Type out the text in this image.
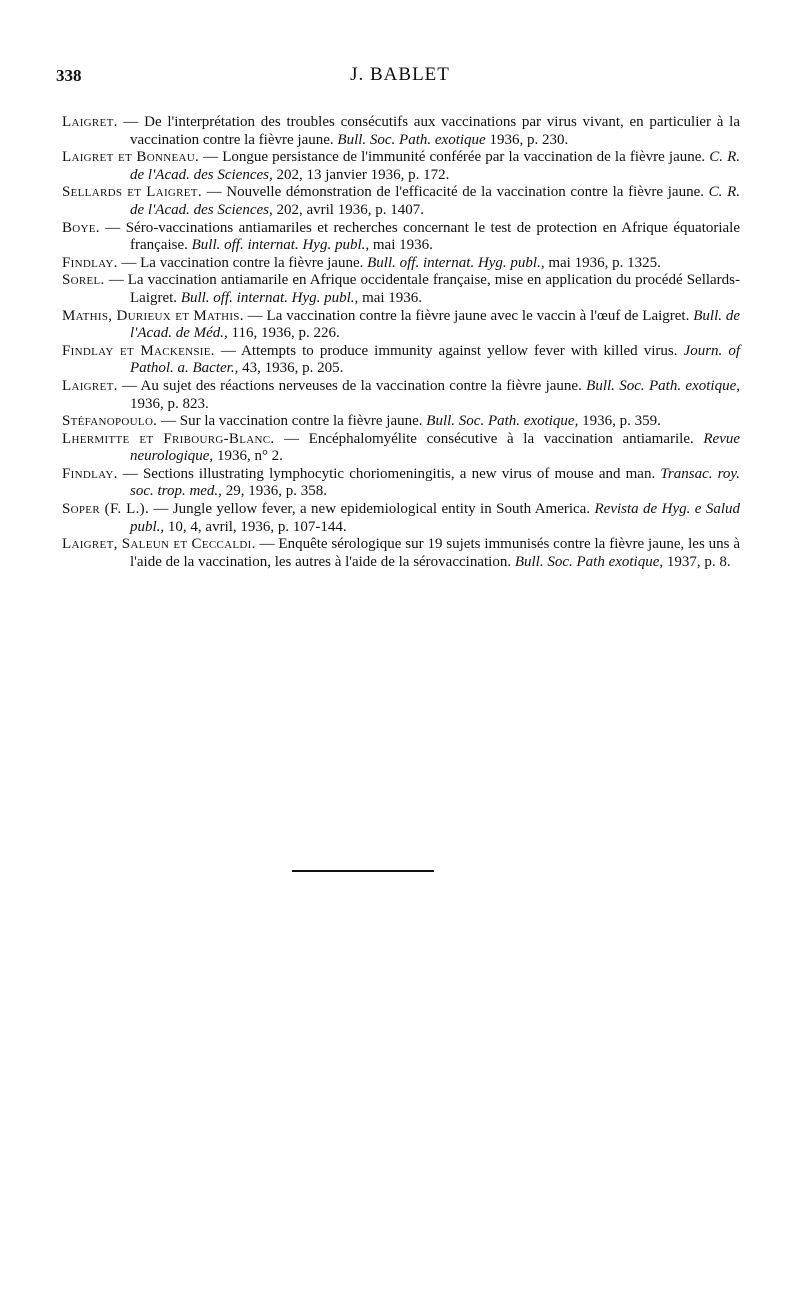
338	J. BABLET

Laigret. — De l'interprétation des troubles consécutifs aux vaccinations par virus vivant, en particulier à la vaccination contre la fièvre jaune. Bull. Soc. Path. exotique 1936, p. 230.

Laigret et Bonneau. — Longue persistance de l'immunité conférée par la vaccination de la fièvre jaune. C. R. de l'Acad. des Sciences, 202, 13 janvier 1936, p. 172.

Sellards et Laigret. — Nouvelle démonstration de l'efficacité de la vaccination contre la fièvre jaune. C. R. de l'Acad. des Sciences, 202, avril 1936, p. 1407.

Boye. — Séro-vaccinations antiamariles et recherches concernant le test de protection en Afrique équatoriale française. Bull. off. internat. Hyg. publ., mai 1936.

Findlay. — La vaccination contre la fièvre jaune. Bull. off. internat. Hyg. publ., mai 1936, p. 1325.

Sorel. — La vaccination antiamarile en Afrique occidentale française, mise en application du procédé Sellards-Laigret. Bull. off. internat. Hyg. publ., mai 1936.

Mathis, Durieux et Mathis. — La vaccination contre la fièvre jaune avec le vaccin à l'œuf de Laigret. Bull. de l'Acad. de Méd., 116, 1936, p. 226.

Findlay et Mackensie. — Attempts to produce immunity against yellow fever with killed virus. Journ. of Pathol. a. Bacter., 43, 1936, p. 205.

Laigret. — Au sujet des réactions nerveuses de la vaccination contre la fièvre jaune. Bull. Soc. Path. exotique, 1936, p. 823.

Stéfanopoulo. — Sur la vaccination contre la fièvre jaune. Bull. Soc. Path. exotique, 1936, p. 359.

Lhermitte et Fribourg-Blanc. — Encéphalomyélite consécutive à la vaccination antiamarile. Revue neurologique, 1936, n° 2.

Findlay. — Sections illustrating lymphocytic choriomeningitis, a new virus of mouse and man. Transac. roy. soc. trop. med., 29, 1936, p. 358.

Soper (F. L.). — Jungle yellow fever, a new epidemiological entity in South America. Revista de Hyg. e Salud publ., 10, 4, avril, 1936, p. 107-144.

Laigret, Saleun et Ceccaldi. — Enquête sérologique sur 19 sujets immunisés contre la fièvre jaune, les uns à l'aide de la vaccination, les autres à l'aide de la sérovaccination. Bull. Soc. Path exotique, 1937, p. 8.
